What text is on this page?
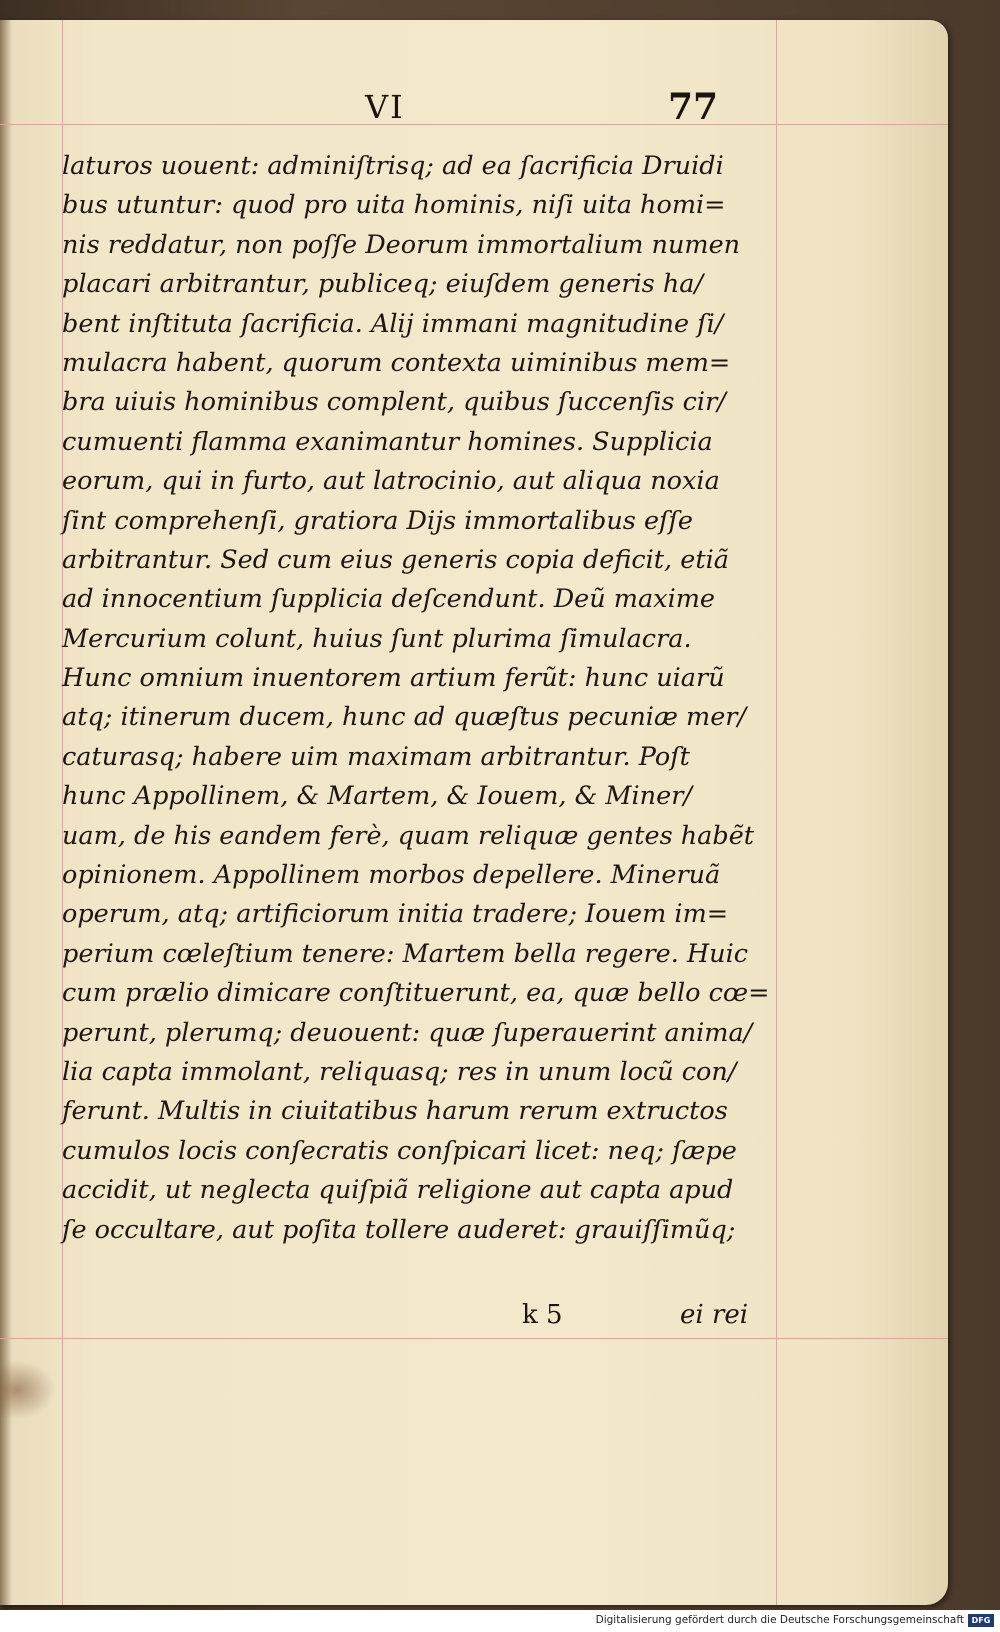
VI	77
laturos uouent: adminiſtrisq; ad ea ſacrificia Druidi
bus utuntur: quod pro uita hominis, niſi uita homi=
nis reddatur, non poſſe Deorum immortalium numen
placari arbitrantur, publiceq; eiuſdem generis ha/
bent inſtituta ſacrificia. Alij immani magnitudine ſi/
mulacra habent, quorum contexta uiminibus mem=
bra uiuis hominibus complent, quibus ſuccenſis cir/
cumuenti flamma exanimantur homines. Supplicia
eorum, qui in furto, aut latrocinio, aut aliqua noxia
ſint comprehenſi, gratiora Dijs immortalibus eſſe
arbitrantur. Sed cum eius generis copia deficit, etiã
ad innocentium ſupplicia deſcendunt. Deũ maxime
Mercurium colunt, huius ſunt plurima ſimulacra.
Hunc omnium inuentorem artium ferũt: hunc uiarũ
atq; itinerum ducem, hunc ad quæſtus pecuniæ mer/
caturasq; habere uim maximam arbitrantur. Poſt
hunc Appollinem, & Martem, & Iouem, & Miner/
uam, de his eandem ferè, quam reliquæ gentes habẽt
opinionem. Appollinem morbos depellere. Mineruã
operum, atq; artificiorum initia tradere; Iouem im=
perium cœleſtium tenere: Martem bella regere. Huic
cum prælio dimicare conſtituerunt, ea, quæ bello cœ=
perunt, plerumq; deuouent: quæ ſuperauerint anima/
lia capta immolant, reliquasq; res in unum locũ con/
ferunt. Multis in ciuitatibus harum rerum extructos
cumulos locis conſecratis conſpicari licet: neq; ſæpe
accidit, ut neglecta quiſpiã religione aut capta apud
ſe occultare, aut poſita tollere auderet: grauiſſimũq;
k 5	ei rei
Digitalisierung gefördert durch die Deutsche Forschungsgemeinschaft DFG
